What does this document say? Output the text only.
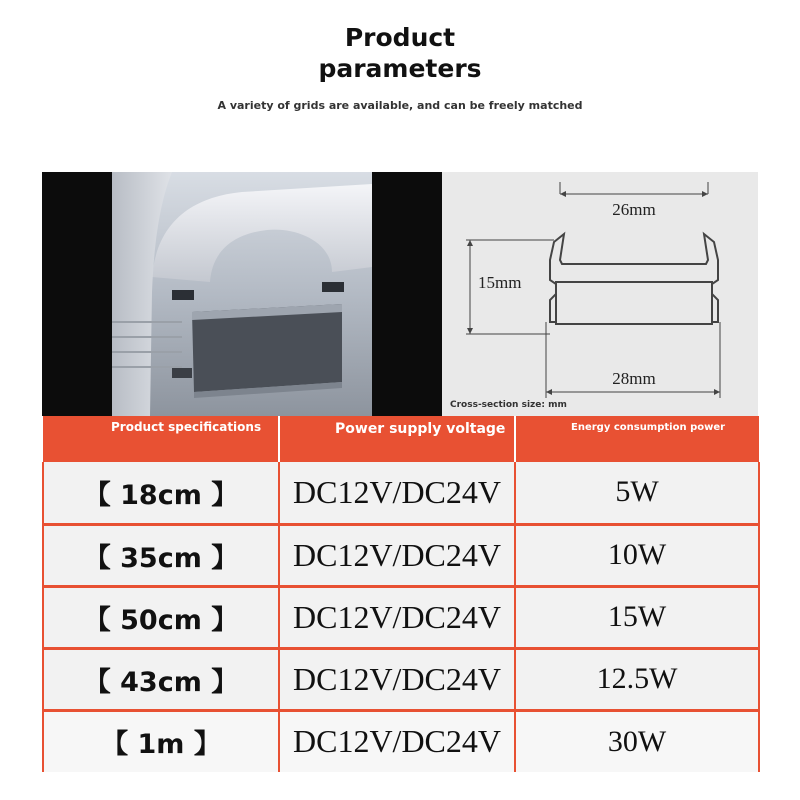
Product
parameters
A variety of grids are available, and can be freely matched
26mm
15mm
28mm
Cross-section size: mm
Product specifications	Power supply voltage	Energy consumption power

【 18cm 】	DC12V/DC24V	5W
【 35cm 】	DC12V/DC24V	10W
【 50cm 】	DC12V/DC24V	15W
【 43cm 】	DC12V/DC24V	12.5W
【 1m 】	DC12V/DC24V	30W
